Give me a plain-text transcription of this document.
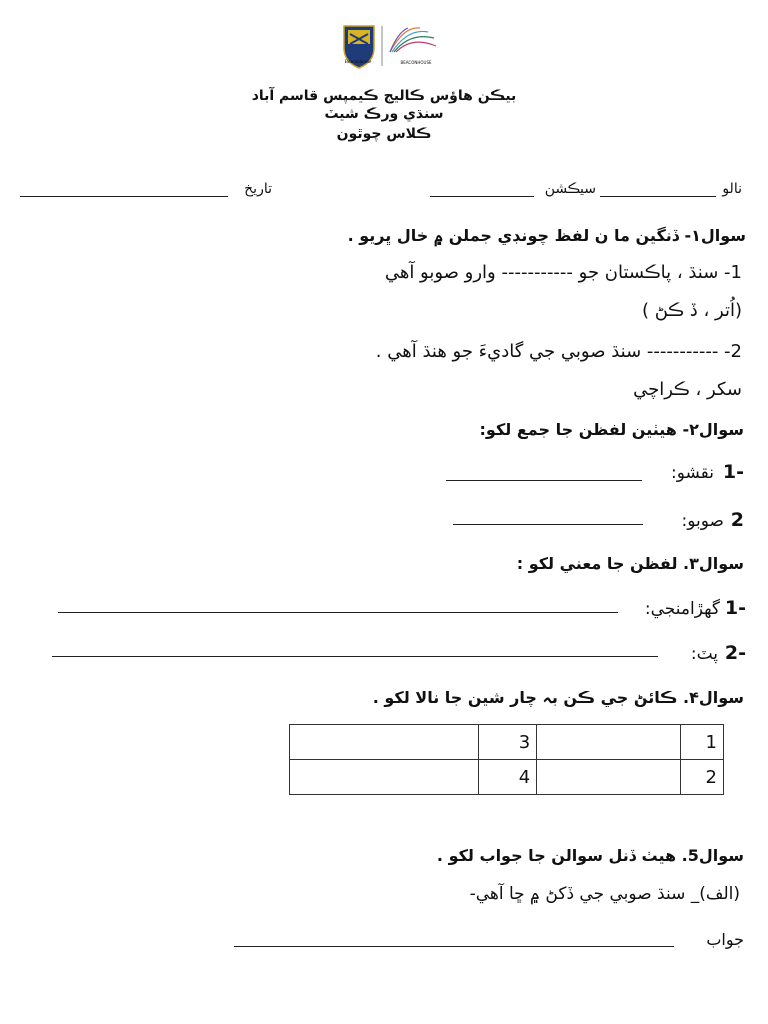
Beaconhouse	BEACONHOUSE
بيڪن هاؤس ڪاليج ڪيمپس قاسم آباد
سنڌي ورڪ شيٽ
ڪلاس چوٿون
نالو
سيڪشن
تاريخ
سوال١- ڏنگين ما ن لفظ چونڊي جملن ۾ خال ڀريو .
1- سنڌ ، پاڪستان جو ----------- وارو صوبو آهي
(اُتر ، ڏ ڪڻ )
2- ----------- سنڌ صوبي جي گاديءَ جو هنڌ آهي .
سکر ، ڪراچي
سوال٢- هيٺين لفظن جا جمع لکو:
1-
نقشو:
2
صوبو:
سوال٣. لفظن جا معني لکو :
1-
گهڙامنجي:
2-
پٽ:
سوال۴. ڪائڻ جي ڪن بہ چار شين جا نالا لکو .
	3		1
	4		2
سوال5. هيٺ ڏنل سوالن جا جواب لکو .
(الف)_ سنڌ صوبي جي ڏکڻ ۾ ڇا آهي-
جواب
